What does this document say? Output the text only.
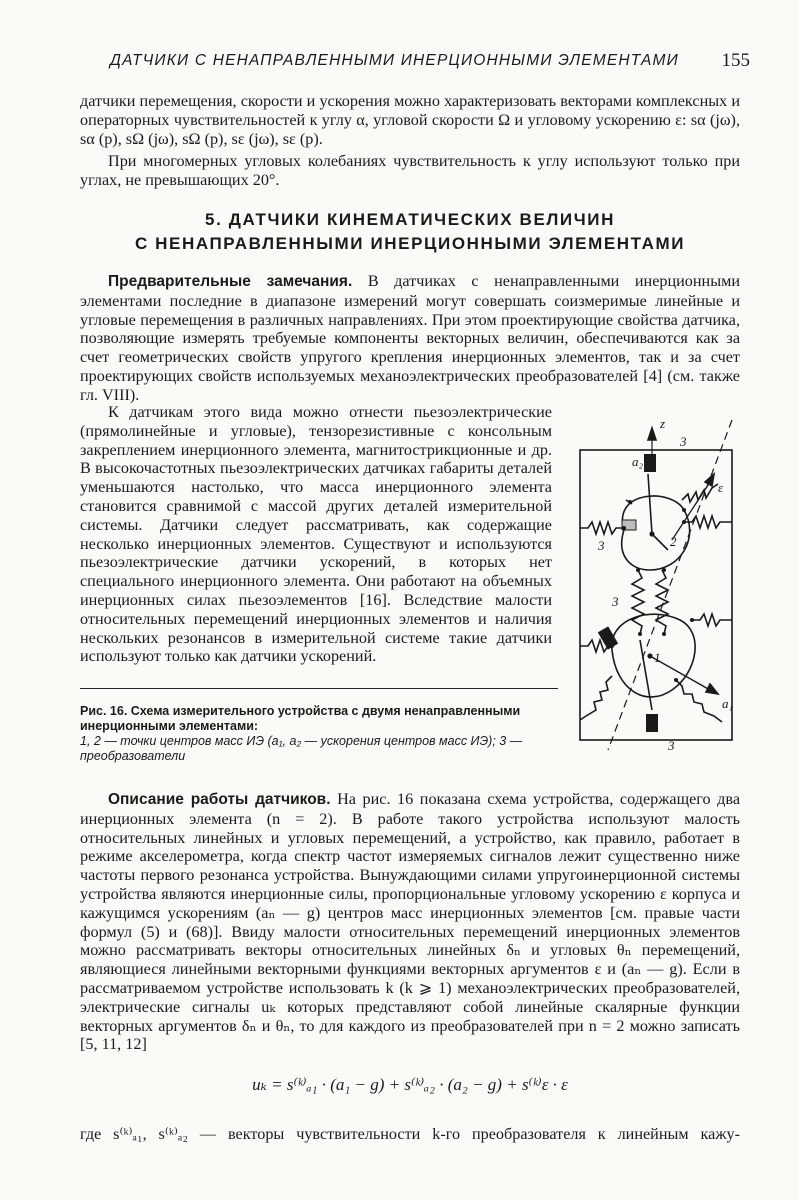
ДАТЧИКИ С НЕНАПРАВЛЕННЫМИ ИНЕРЦИОННЫМИ ЭЛЕМЕНТАМИ 155

датчики перемещения, скорости и ускорения можно характеризовать векторами комплексных и операторных чувствительностей к углу α, угловой скорости Ω и угловому ускорению ε: sα (jω), sα (p), sΩ (jω), sΩ (p), sε (jω), sε (p).

При многомерных угловых колебаниях чувствительность к углу используют только при углах, не превышающих 20°.

5. ДАТЧИКИ КИНЕМАТИЧЕСКИХ ВЕЛИЧИН
С НЕНАПРАВЛЕННЫМИ ИНЕРЦИОННЫМИ ЭЛЕМЕНТАМИ

Предварительные замечания. В датчиках с ненаправленными инерционными элементами последние в диапазоне измерений могут совершать соизмеримые линейные и угловые перемещения в различных направлениях. При этом проектирующие свойства датчика, позволяющие измерять требуемые компоненты векторных величин, обеспечиваются как за счет геометрических свойств упругого крепления инерционных элементов, так и за счет проектирующих свойств используемых механоэлектрических преобразователей [4] (см. также гл. VIII).

К датчикам этого вида можно отнести пьезоэлектрические (прямолинейные и угловые), тензорезистивные с консольным закреплением инерционного элемента, магнитострикционные и др. В высокочастотных пьезоэлектрических датчиках габариты деталей уменьшаются настолько, что масса инерционного элемента становится сравнимой с массой других деталей измерительной системы. Датчики следует рассматривать, как содержащие несколько инерционных элементов. Существуют и используются пьезоэлектрические датчики ускорений, в которых нет специального инерционного элемента. Они работают на объемных инерционных силах пьезоэлементов [16]. Вследствие малости относительных перемещений инерционных элементов и наличия нескольких резонансов в измерительной системе такие датчики используют только как датчики ускорений.

z
a₂
ε
a₁
2
1
3
3
3
3
Рис. 16. Схема измерительного устройства с двумя ненаправленными инерционными элементами:
1, 2 — точки центров масс ИЭ (a₁, a₂ — ускорения центров масс ИЭ); 3 — преобразователи

Описание работы датчиков. На рис. 16 показана схема устройства, содержащего два инерционных элемента (n = 2). В работе такого устройства используют малость относительных линейных и угловых перемещений, а устройство, как правило, работает в режиме акселерометра, когда спектр частот измеряемых сигналов лежит существенно ниже частоты первого резонанса устройства. Вынуждающими силами упругоинерционной системы устройства являются инерционные силы, пропорциональные угловому ускорению ε корпуса и кажущимся ускорениям (aₙ — g) центров масс инерционных элементов [см. правые части формул (5) и (68)]. Ввиду малости относительных перемещений инерционных элементов можно рассматривать векторы относительных линейных δₙ и угловых θₙ перемещений, являющиеся линейными векторными функциями векторных аргументов ε и (aₙ — g). Если в рассматриваемом устройстве использовать k (k ⩾ 1) механоэлектрических преобразователей, электрические сигналы uₖ которых представляют собой линейные скалярные функции векторных аргументов δₙ и θₙ, то для каждого из преобразователей при n = 2 можно записать [5, 11, 12]

uₖ = s⁽ᵏ⁾ₐ₁ · (a₁ − g) + s⁽ᵏ⁾ₐ₂ · (a₂ − g) + s⁽ᵏ⁾ε · ε
где s⁽ᵏ⁾ₐ₁, s⁽ᵏ⁾ₐ₂ — векторы чувствительности k-го преобразователя к линейным кажу-
